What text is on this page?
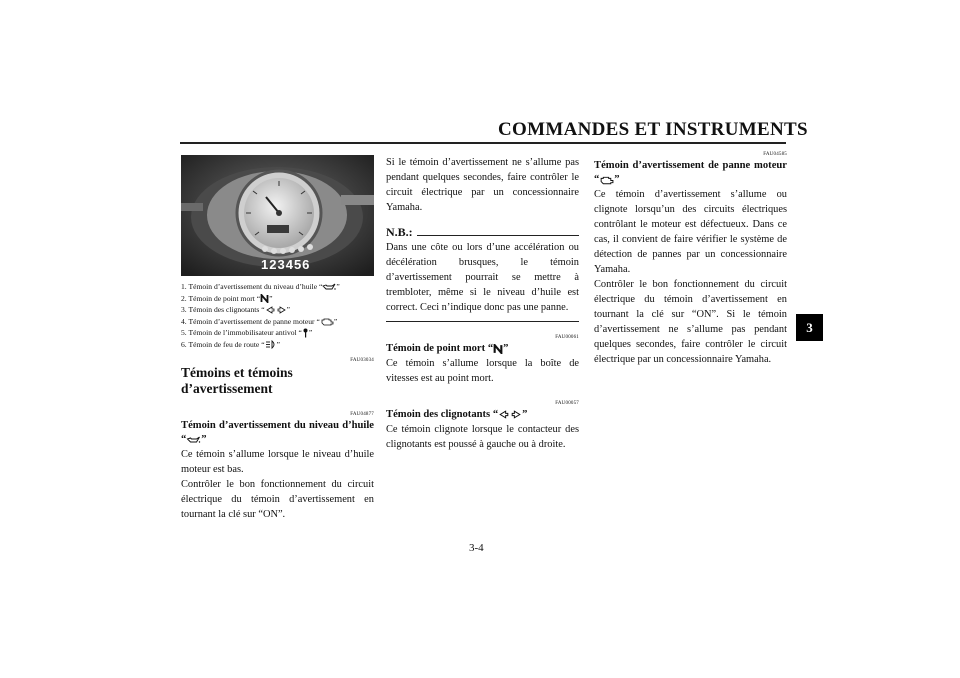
COMMANDES ET INSTRUMENTS
3
1 2 3 4 5 6
1. Témoin d’avertissement du niveau d’huile “ ”
2. Témoin de point mort “ ”
3. Témoin des clignotants “	”
4. Témoin d’avertissement de panne moteur “ ”
5. Témoin de l’immobilisateur antivol “ ”
6. Témoin de feu de route “ ”
FAU03034
Témoins et témoins d’avertissement
FAU04877
Témoin d’avertissement du niveau d’huile “ ”

Ce témoin s’allume lorsque le niveau d’huile moteur est bas.

Contrôler le bon fonctionnement du circuit électrique du témoin d’avertissement en tournant la clé sur “ON”.

Si le témoin d’avertissement ne s’allume pas pendant quelques secondes, faire contrôler le circuit électrique par un concessionnaire Yamaha.

N.B.:

Dans une côte ou lors d’une accélération ou décélération brusques, le témoin d’avertissement pourrait se mettre à trembloter, même si le niveau d’huile est correct. Ceci n’indique donc pas une panne.

FAU00061
Témoin de point mort “ ”

Ce témoin s’allume lorsque la boîte de vitesses est au point mort.

FAU00057
Témoin des clignotants “ ”

Ce témoin clignote lorsque le contacteur des clignotants est poussé à gauche ou à droite.

FAU04585
Témoin d’avertissement de panne moteur “ ”

Ce témoin d’avertissement s’allume ou clignote lorsqu’un des circuits électriques contrôlant le moteur est défectueux. Dans ce cas, il convient de faire vérifier le système de détection de pannes par un concessionnaire Yamaha.

Contrôler le bon fonctionnement du circuit électrique du témoin d’avertissement en tournant la clé sur “ON”. Si le témoin d’avertissement ne s’allume pas pendant quelques secondes, faire contrôler le circuit électrique par un concessionnaire Yamaha.

3-4
